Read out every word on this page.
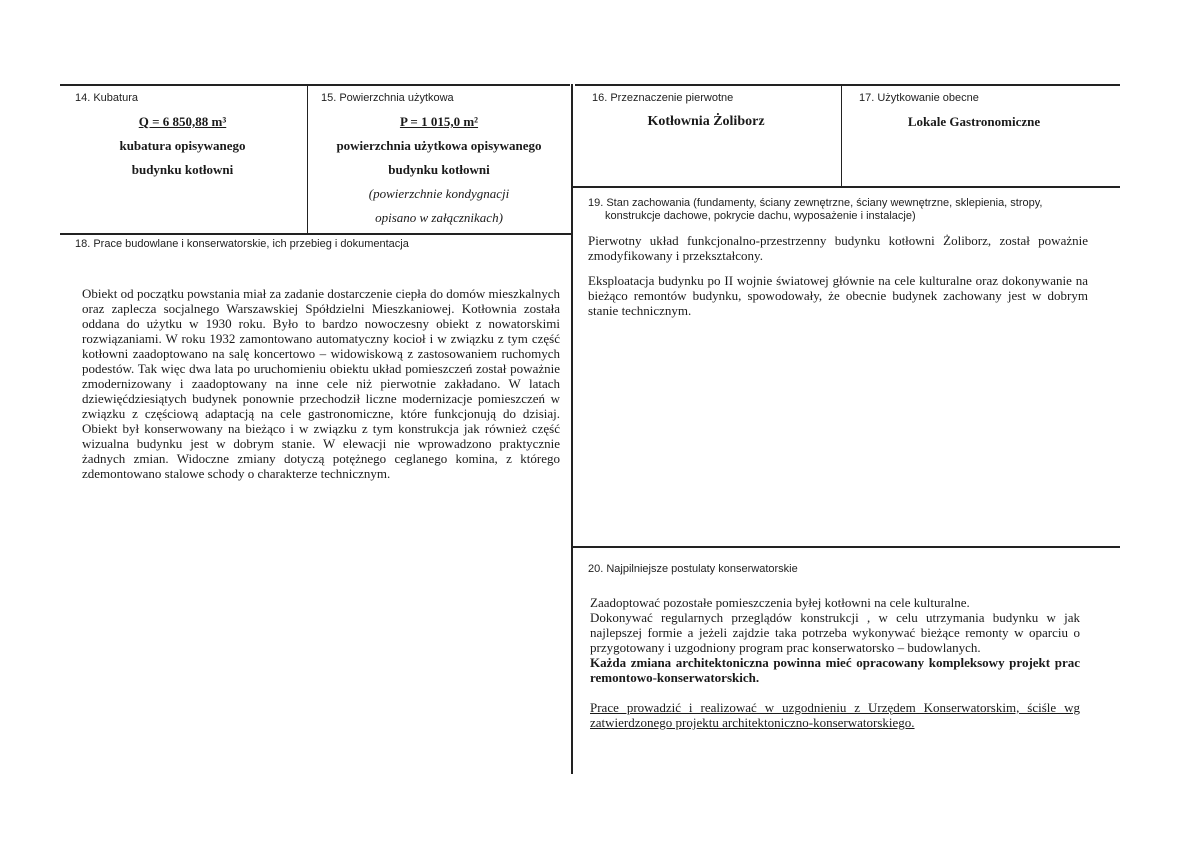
14. Kubatura
Q = 6 850,88 m³
kubatura opisywanego
budynku kotłowni
15. Powierzchnia użytkowa
P = 1 015,0 m²
powierzchnia użytkowa opisywanego
budynku kotłowni
(powierzchnie kondygnacji
opisano w załącznikach)
16. Przeznaczenie pierwotne
Kotłownia Żoliborz
17. Użytkowanie obecne
Lokale Gastronomiczne
18. Prace budowlane i konserwatorskie, ich przebieg i dokumentacja

Obiekt od początku powstania miał za zadanie dostarczenie ciepła do domów mieszkalnych oraz zaplecza socjalnego Warszawskiej Spółdzielni Mieszkaniowej. Kotłownia została oddana do użytku w 1930 roku. Było to bardzo nowoczesny obiekt z nowatorskimi rozwiązaniami. W roku 1932 zamontowano automatyczny kocioł i w związku z tym część kotłowni zaadoptowano na salę koncertowo – widowiskową z zastosowaniem ruchomych podestów. Tak więc dwa lata po uruchomieniu obiektu układ pomieszczeń został poważnie zmodernizowany i zaadoptowany na inne cele niż pierwotnie zakładano. W latach dziewięćdziesiątych budynek ponownie przechodził liczne modernizacje pomieszczeń w związku z częściową adaptacją na cele gastronomiczne, które funkcjonują do dzisiaj. Obiekt był konserwowany na bieżąco i w związku z tym konstrukcja jak również część wizualna budynku jest w dobrym stanie. W elewacji nie wprowadzono praktycznie żadnych zmian. Widoczne zmiany dotyczą potężnego ceglanego komina, z którego zdemontowano stalowe schody o charakterze technicznym.

19. Stan zachowania (fundamenty, ściany zewnętrzne, ściany wewnętrzne, sklepienia, stropy,
konstrukcje dachowe, pokrycie dachu, wyposażenie i instalacje)

Pierwotny układ funkcjonalno-przestrzenny budynku kotłowni Żoliborz, został poważnie zmodyfikowany i przekształcony.

Eksploatacja budynku po II wojnie światowej głównie na cele kulturalne oraz dokonywanie na bieżąco remontów budynku, spowodowały, że obecnie budynek zachowany jest w dobrym stanie technicznym.

20. Najpilniejsze postulaty konserwatorskie

Zaadoptować pozostałe pomieszczenia byłej kotłowni na cele kulturalne.

Dokonywać regularnych przeglądów konstrukcji , w celu utrzymania budynku w jak najlepszej formie a jeżeli zajdzie taka potrzeba wykonywać bieżące remonty w oparciu o przygotowany i uzgodniony program prac konserwatorsko – budowlanych.

Każda zmiana architektoniczna powinna mieć opracowany kompleksowy projekt prac remontowo-konserwatorskich.

Prace prowadzić i realizować w uzgodnieniu z Urzędem Konserwatorskim, ściśle wg zatwierdzonego projektu architektoniczno-konserwatorskiego.
